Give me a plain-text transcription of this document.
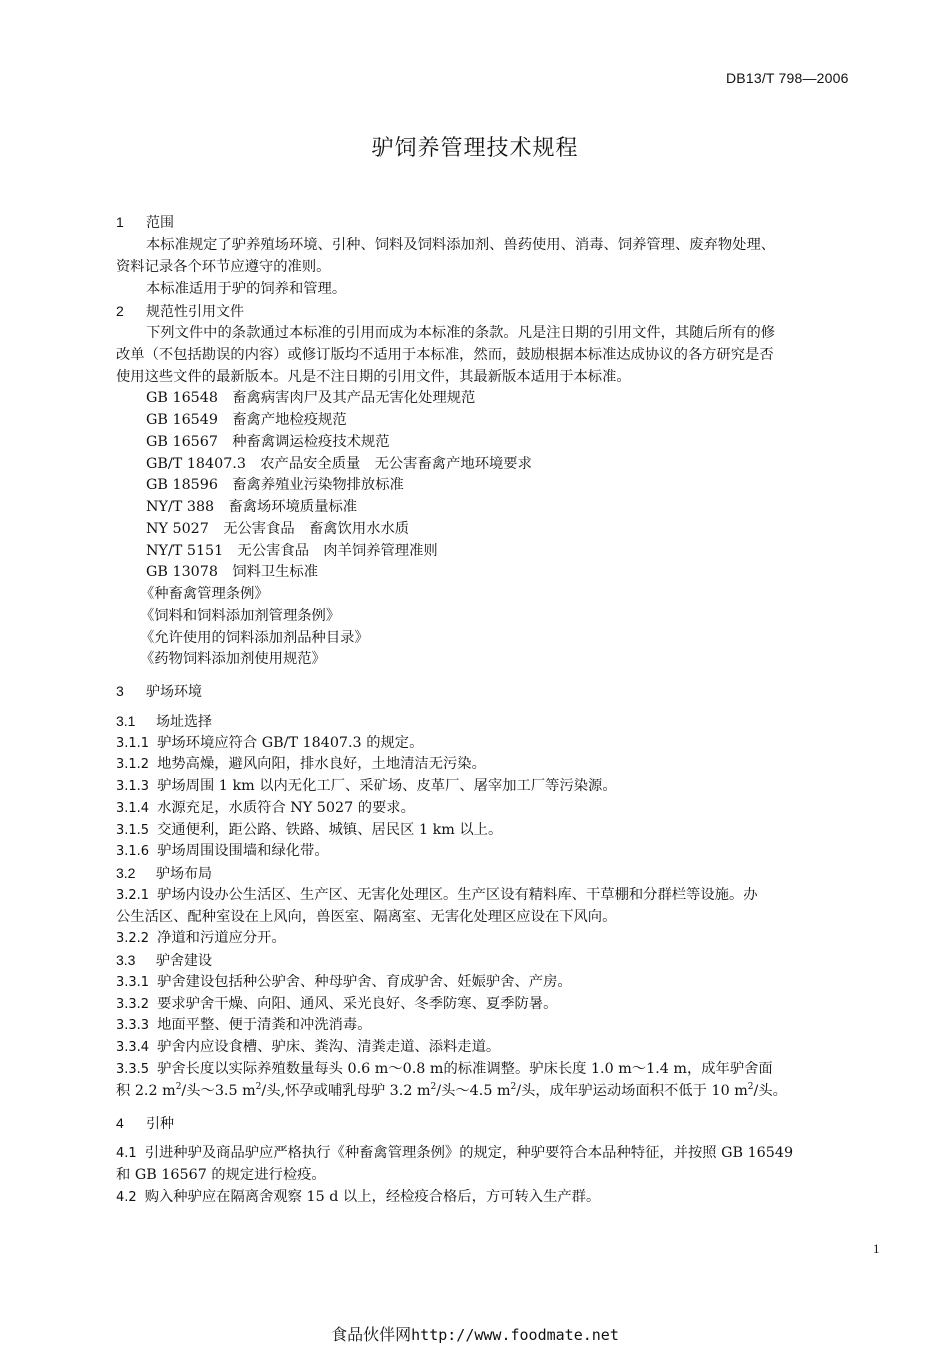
DB13/T 798—2006
驴饲养管理技术规程
1 范围
本标准规定了驴养殖场环境、引种、饲料及饲料添加剂、兽药使用、消毒、饲养管理、废弃物处理、
资料记录各个环节应遵守的准则。
本标准适用于驴的饲养和管理。
2 规范性引用文件
下列文件中的条款通过本标准的引用而成为本标准的条款。凡是注日期的引用文件，其随后所有的修
改单（不包括勘误的内容）或修订版均不适用于本标准，然而，鼓励根据本标准达成协议的各方研究是否
使用这些文件的最新版本。凡是不注日期的引用文件，其最新版本适用于本标准。
GB 16548　 畜禽病害肉尸及其产品无害化处理规范
GB 16549　 畜禽产地检疫规范
GB 16567　 种畜禽调运检疫技术规范
GB/T 18407.3　 农产品安全质量　无公害畜禽产地环境要求
GB 18596　 畜禽养殖业污染物排放标准
NY/T 388　 畜禽场环境质量标准
NY 5027　 无公害食品　畜禽饮用水水质
NY/T 5151　 无公害食品　肉羊饲养管理准则
GB 13078　 饲料卫生标准
《种畜禽管理条例》
《饲料和饲料添加剂管理条例》
《允许使用的饲料添加剂品种目录》
《药物饲料添加剂使用规范》
3 驴场环境
3.1 场址选择
3.1.1 驴场环境应符合 GB/T 18407.3 的规定。
3.1.2 地势高燥，避风向阳，排水良好，土地清洁无污染。
3.1.3 驴场周围 1 km 以内无化工厂、采矿场、皮革厂、屠宰加工厂等污染源。
3.1.4 水源充足，水质符合 NY 5027 的要求。
3.1.5 交通便利，距公路、铁路、城镇、居民区 1 km 以上。
3.1.6 驴场周围设围墙和绿化带。
3.2 驴场布局
3.2.1 驴场内设办公生活区、生产区、无害化处理区。生产区设有精料库、干草棚和分群栏等设施。办
公生活区、配种室设在上风向，兽医室、隔离室、无害化处理区应设在下风向。
3.2.2 净道和污道应分开。
3.3 驴舍建设
3.3.1 驴舍建设包括种公驴舍、种母驴舍、育成驴舍、妊娠驴舍、产房。
3.3.2 要求驴舍干燥、向阳、通风、采光良好、冬季防寒、夏季防暑。
3.3.3 地面平整、便于清粪和冲洗消毒。
3.3.4 驴舍内应设食槽、驴床、粪沟、清粪走道、添料走道。
3.3.5 驴舍长度以实际养殖数量每头 0.6 m～0.8 m的标准调整。驴床长度 1.0 m～1.4 m，成年驴舍面
积 2.2 $m^2/$头～3.5 $m^2/$头,怀孕或哺乳母驴 3.2 $m^2/$头～4.5 $m^2/$头，成年驴运动场面积不低于 10 $m^2/$头。
4 引种
4.1 引进种驴及商品驴应严格执行《种畜禽管理条例》的规定，种驴要符合本品种特征，并按照 GB 16549
和 GB 16567 的规定进行检疫。
4.2 购入种驴应在隔离舍观察 15 d 以上，经检疫合格后，方可转入生产群。
1
食品伙伴网http://www.foodmate.net
